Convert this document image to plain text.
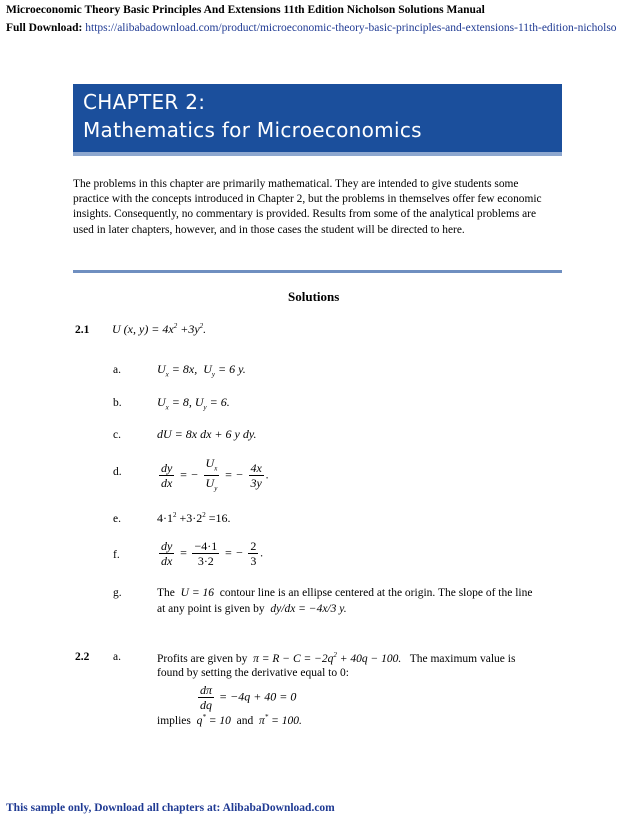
Microeconomic Theory Basic Principles And Extensions 11th Edition Nicholson Solutions Manual
Full Download: https://alibabadownload.com/product/microeconomic-theory-basic-principles-and-extensions-11th-edition-nicholso
CHAPTER 2:
Mathematics for Microeconomics
The problems in this chapter are primarily mathematical. They are intended to give students some practice with the concepts introduced in Chapter 2, but the problems in themselves offer few economic insights. Consequently, no commentary is provided. Results from some of the analytical problems are used in later chapters, however, and in those cases the student will be directed to here.
Solutions
2.1 U (x, $y) = 4x^2 +3y^2$.
a.	$U_x = 8x$,  $U_y = 6$ y.
b.	$U_x = 8$, $U_y = 6$.
c.	dU = 8x dx + 6 y dy.
d.	$\frac{dy}{dx}$ = − $\frac{U_x}{U_y}$ = − $\frac{4x}{3y}$ .
e.	$4\cdot 1^2 +3\cdot 2^2 =16$.
f.	$\frac{dy}{dx} = \frac{-4\cdot 1}{3\cdot 2}$ = − $\frac{2}{3}$ .
g.	The  U = 16  contour line is an ellipse centered at the origin. The slope of the line
at any point is given by  dy/dx = −4x/3 y.
2.2 a.	Profits are given by  $\pi = R - C = -2q^2 + 40q - 100$.   The maximum value is
found by setting the derivative equal to 0:
$\frac{d\pi}{dq} = -4q + 40 = 0$
implies  q* = 10  and  π* = 100.
This sample only, Download all chapters at: AlibabaDownload.com
